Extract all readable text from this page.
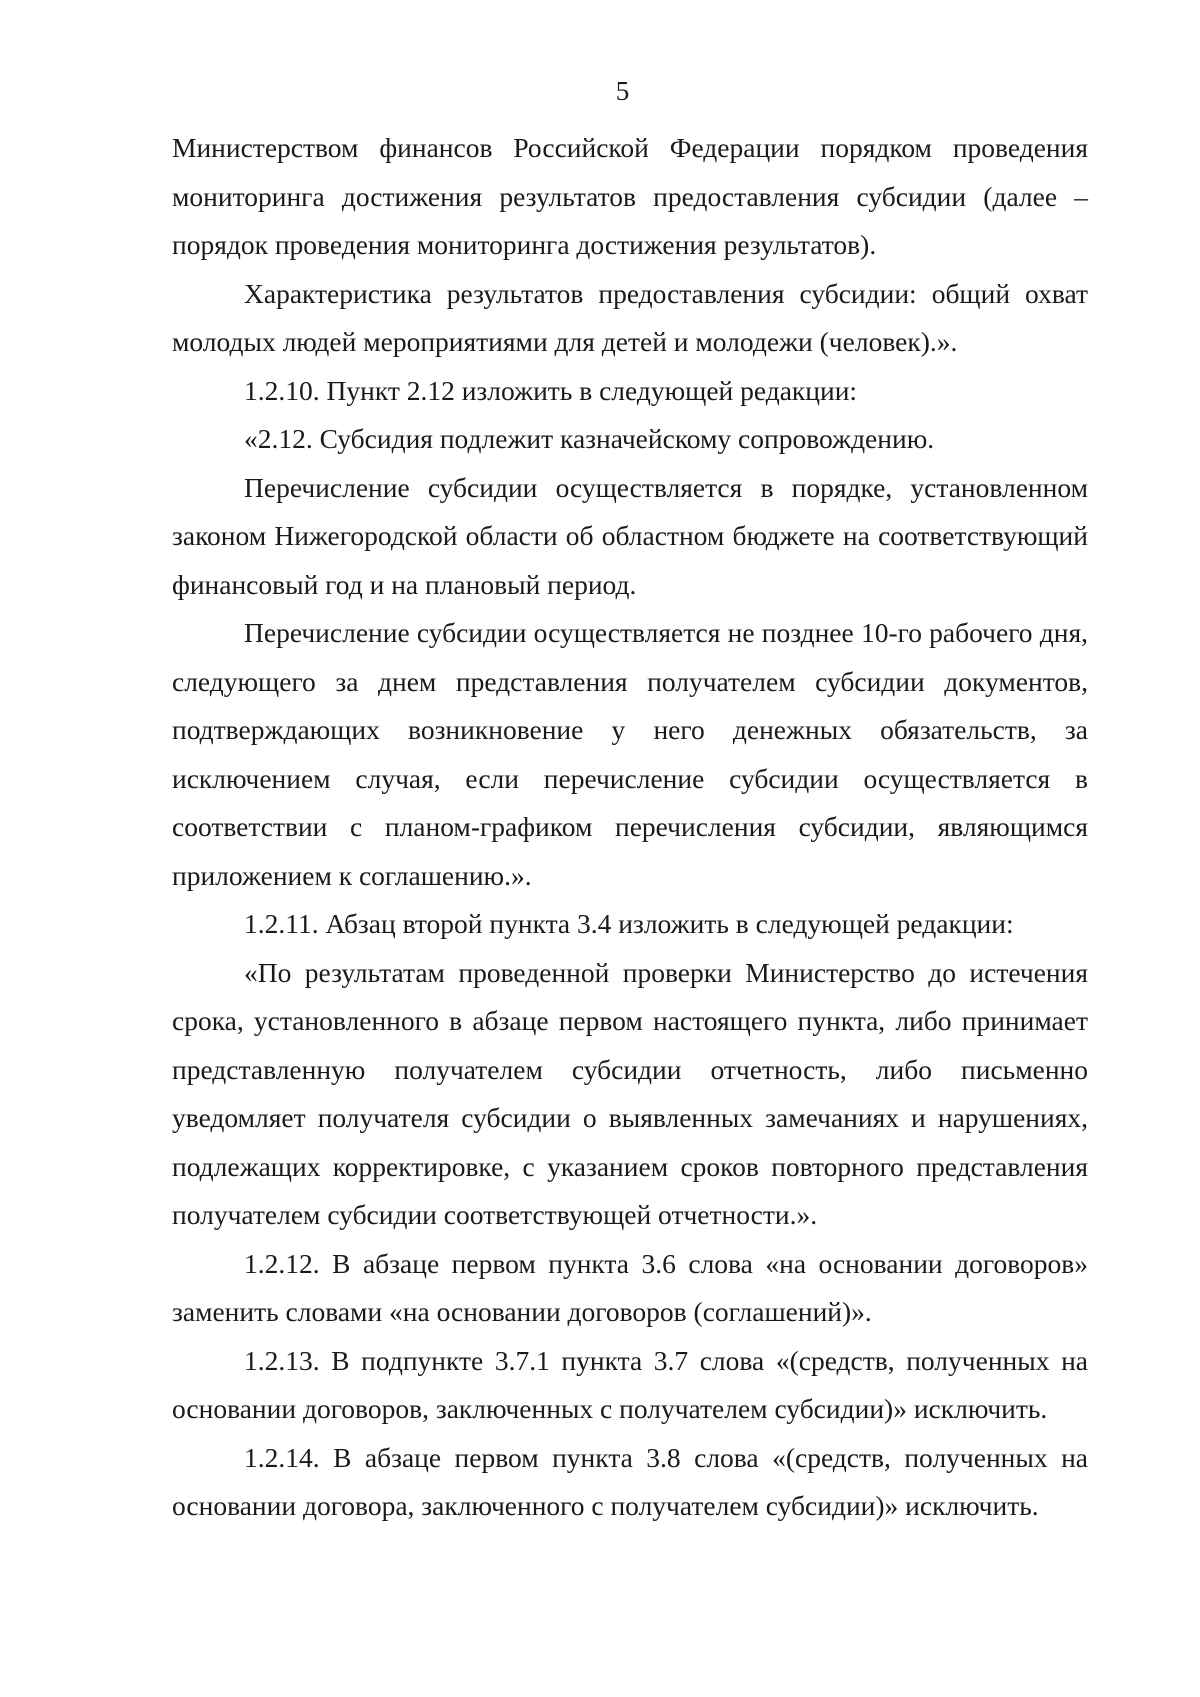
5

Министерством финансов Российской Федерации порядком проведения мониторинга достижения результатов предоставления субсидии (далее – порядок проведения мониторинга достижения результатов).

Характеристика результатов предоставления субсидии: общий охват молодых людей мероприятиями для детей и молодежи (человек).».

1.2.10. Пункт 2.12 изложить в следующей редакции:

«2.12. Субсидия подлежит казначейскому сопровождению.

Перечисление субсидии осуществляется в порядке, установленном законом Нижегородской области об областном бюджете на соответствующий финансовый год и на плановый период.

Перечисление субсидии осуществляется не позднее 10-го рабочего дня, следующего за днем представления получателем субсидии документов, подтверждающих возникновение у него денежных обязательств, за исключением случая, если перечисление субсидии осуществляется в соответствии с планом-графиком перечисления субсидии, являющимся приложением к соглашению.».

1.2.11. Абзац второй пункта 3.4 изложить в следующей редакции:

«По результатам проведенной проверки Министерство до истечения срока, установленного в абзаце первом настоящего пункта, либо принимает представленную получателем субсидии отчетность, либо письменно уведомляет получателя субсидии о выявленных замечаниях и нарушениях, подлежащих корректировке, с указанием сроков повторного представления получателем субсидии соответствующей отчетности.».

1.2.12. В абзаце первом пункта 3.6 слова «на основании договоров» заменить словами «на основании договоров (соглашений)».

1.2.13. В подпункте 3.7.1 пункта 3.7 слова «(средств, полученных на основании договоров, заключенных с получателем субсидии)» исключить.

1.2.14. В абзаце первом пункта 3.8 слова «(средств, полученных на основании договора, заключенного с получателем субсидии)» исключить.
